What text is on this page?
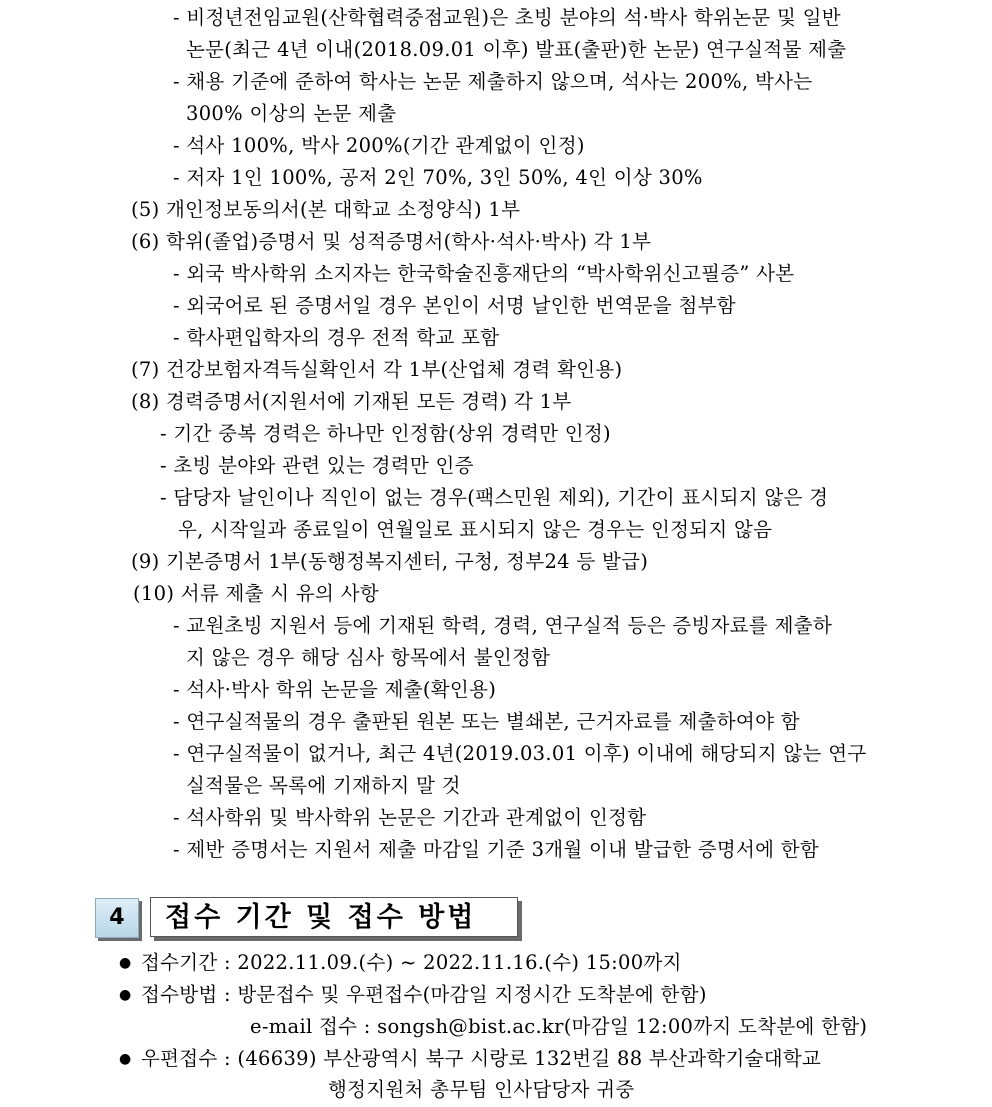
- 비정년전임교원(산학협력중점교원)은 초빙 분야의 석·박사 학위논문 및 일반
논문(최근 4년 이내(2018.09.01 이후) 발표(출판)한 논문) 연구실적물 제출
- 채용 기준에 준하여 학사는 논문 제출하지 않으며, 석사는 200%, 박사는
300% 이상의 논문 제출
- 석사 100%, 박사 200%(기간 관계없이 인정)
- 저자 1인 100%, 공저 2인 70%, 3인 50%, 4인 이상 30%
(5) 개인정보동의서(본 대학교 소정양식) 1부
(6) 학위(졸업)증명서 및 성적증명서(학사·석사·박사) 각 1부
- 외국 박사학위 소지자는 한국학술진흥재단의 “박사학위신고필증” 사본
- 외국어로 된 증명서일 경우 본인이 서명 날인한 번역문을 첨부함
- 학사편입학자의 경우 전적 학교 포함
(7) 건강보험자격득실확인서 각 1부(산업체 경력 확인용)
(8) 경력증명서(지원서에 기재된 모든 경력) 각 1부
- 기간 중복 경력은 하나만 인정함(상위 경력만 인정)
- 초빙 분야와 관련 있는 경력만 인증
- 담당자 날인이나 직인이 없는 경우(팩스민원 제외), 기간이 표시되지 않은 경
우, 시작일과 종료일이 연월일로 표시되지 않은 경우는 인정되지 않음
(9) 기본증명서 1부(동행정복지센터, 구청, 정부24 등 발급)
(10) 서류 제출 시 유의 사항
- 교원초빙 지원서 등에 기재된 학력, 경력, 연구실적 등은 증빙자료를 제출하
지 않은 경우 해당 심사 항목에서 불인정함
- 석사·박사 학위 논문을 제출(확인용)
- 연구실적물의 경우 출판된 원본 또는 별쇄본, 근거자료를 제출하여야 함
- 연구실적물이 없거나, 최근 4년(2019.03.01 이후) 이내에 해당되지 않는 연구
실적물은 목록에 기재하지 말 것
- 석사학위 및 박사학위 논문은 기간과 관계없이 인정함
- 제반 증명서는 지원서 제출 마감일 기준 3개월 이내 발급한 증명서에 한함
4	접수 기간 및 접수 방법
● 접수기간 : 2022.11.09.(수) ~ 2022.11.16.(수) 15:00까지
● 접수방법 : 방문접수 및 우편접수(마감일 지정시간 도착분에 한함)
e-mail 접수 : songsh@bist.ac.kr(마감일 12:00까지 도착분에 한함)
● 우편접수 : (46639) 부산광역시 북구 시랑로 132번길 88 부산과학기술대학교
행정지원처 총무팀 인사담당자 귀중
